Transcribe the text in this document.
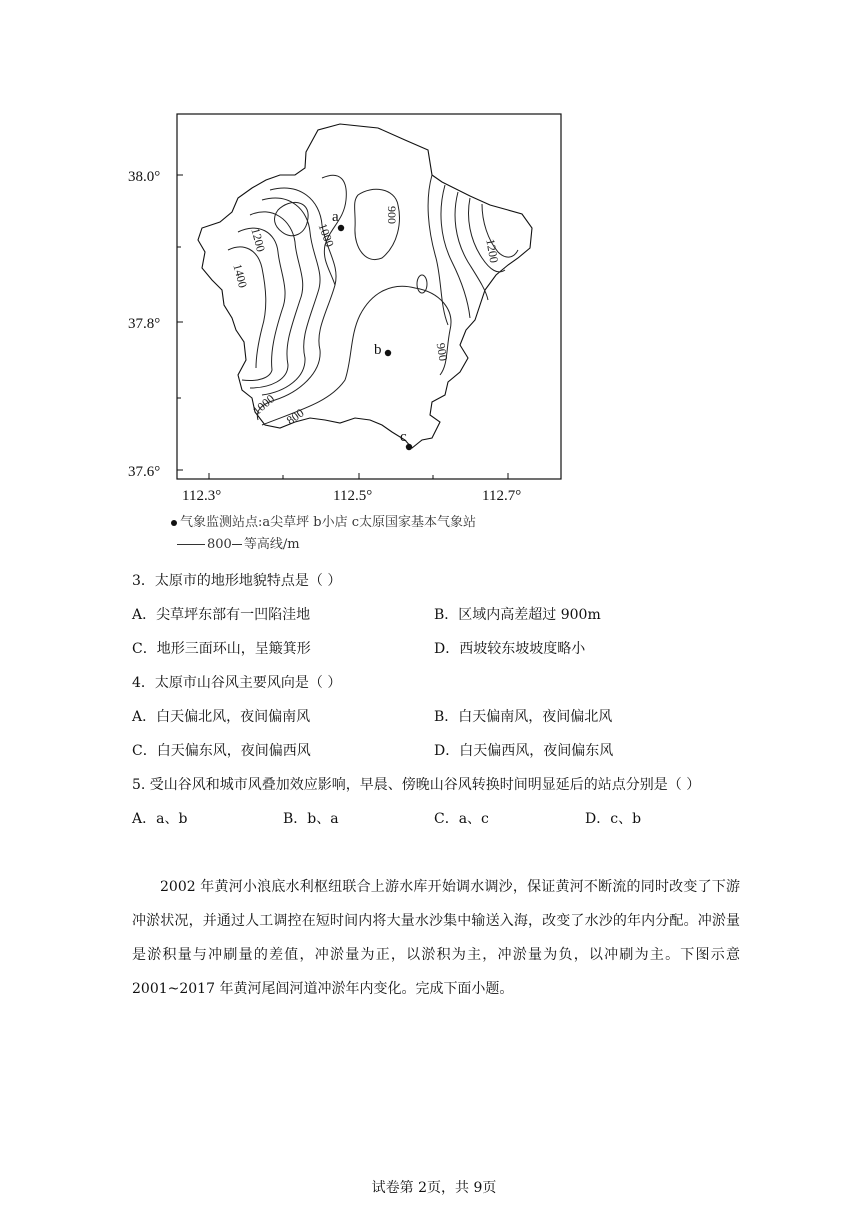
38.0°
37.8°
37.6°
112.3°	112.5°	112.7°
1200
1400
1000
900
900
1200
1000 800
a
b
c
气象监测站点:a尖草坪 b小店 c太原国家基本气象站
800 等高线/m
3．太原市的地形地貌特点是（ ）
A．尖草坪东部有一凹陷洼地	B．区域内高差超过 900m
C．地形三面环山，呈簸箕形	D．西坡较东坡坡度略小
4．太原市山谷风主要风向是（ ）
A．白天偏北风，夜间偏南风	B．白天偏南风，夜间偏北风
C．白天偏东风，夜间偏西风	D．白天偏西风，夜间偏东风
5. 受山谷风和城市风叠加效应影响，早晨、傍晚山谷风转换时间明显延后的站点分别是（ ）
A．a、b	B．b、a	C．a、c	D．c、b

2002 年黄河小浪底水利枢纽联合上游水库开始调水调沙，保证黄河不断流的同时改变了下游冲淤状况，并通过人工调控在短时间内将大量水沙集中输送入海，改变了水沙的年内分配。冲淤量是淤积量与冲刷量的差值，冲淤量为正，以淤积为主，冲淤量为负，以冲刷为主。下图示意 2001~2017 年黄河尾闾河道冲淤年内变化。完成下面小题。

试卷第 2页，共 9页
